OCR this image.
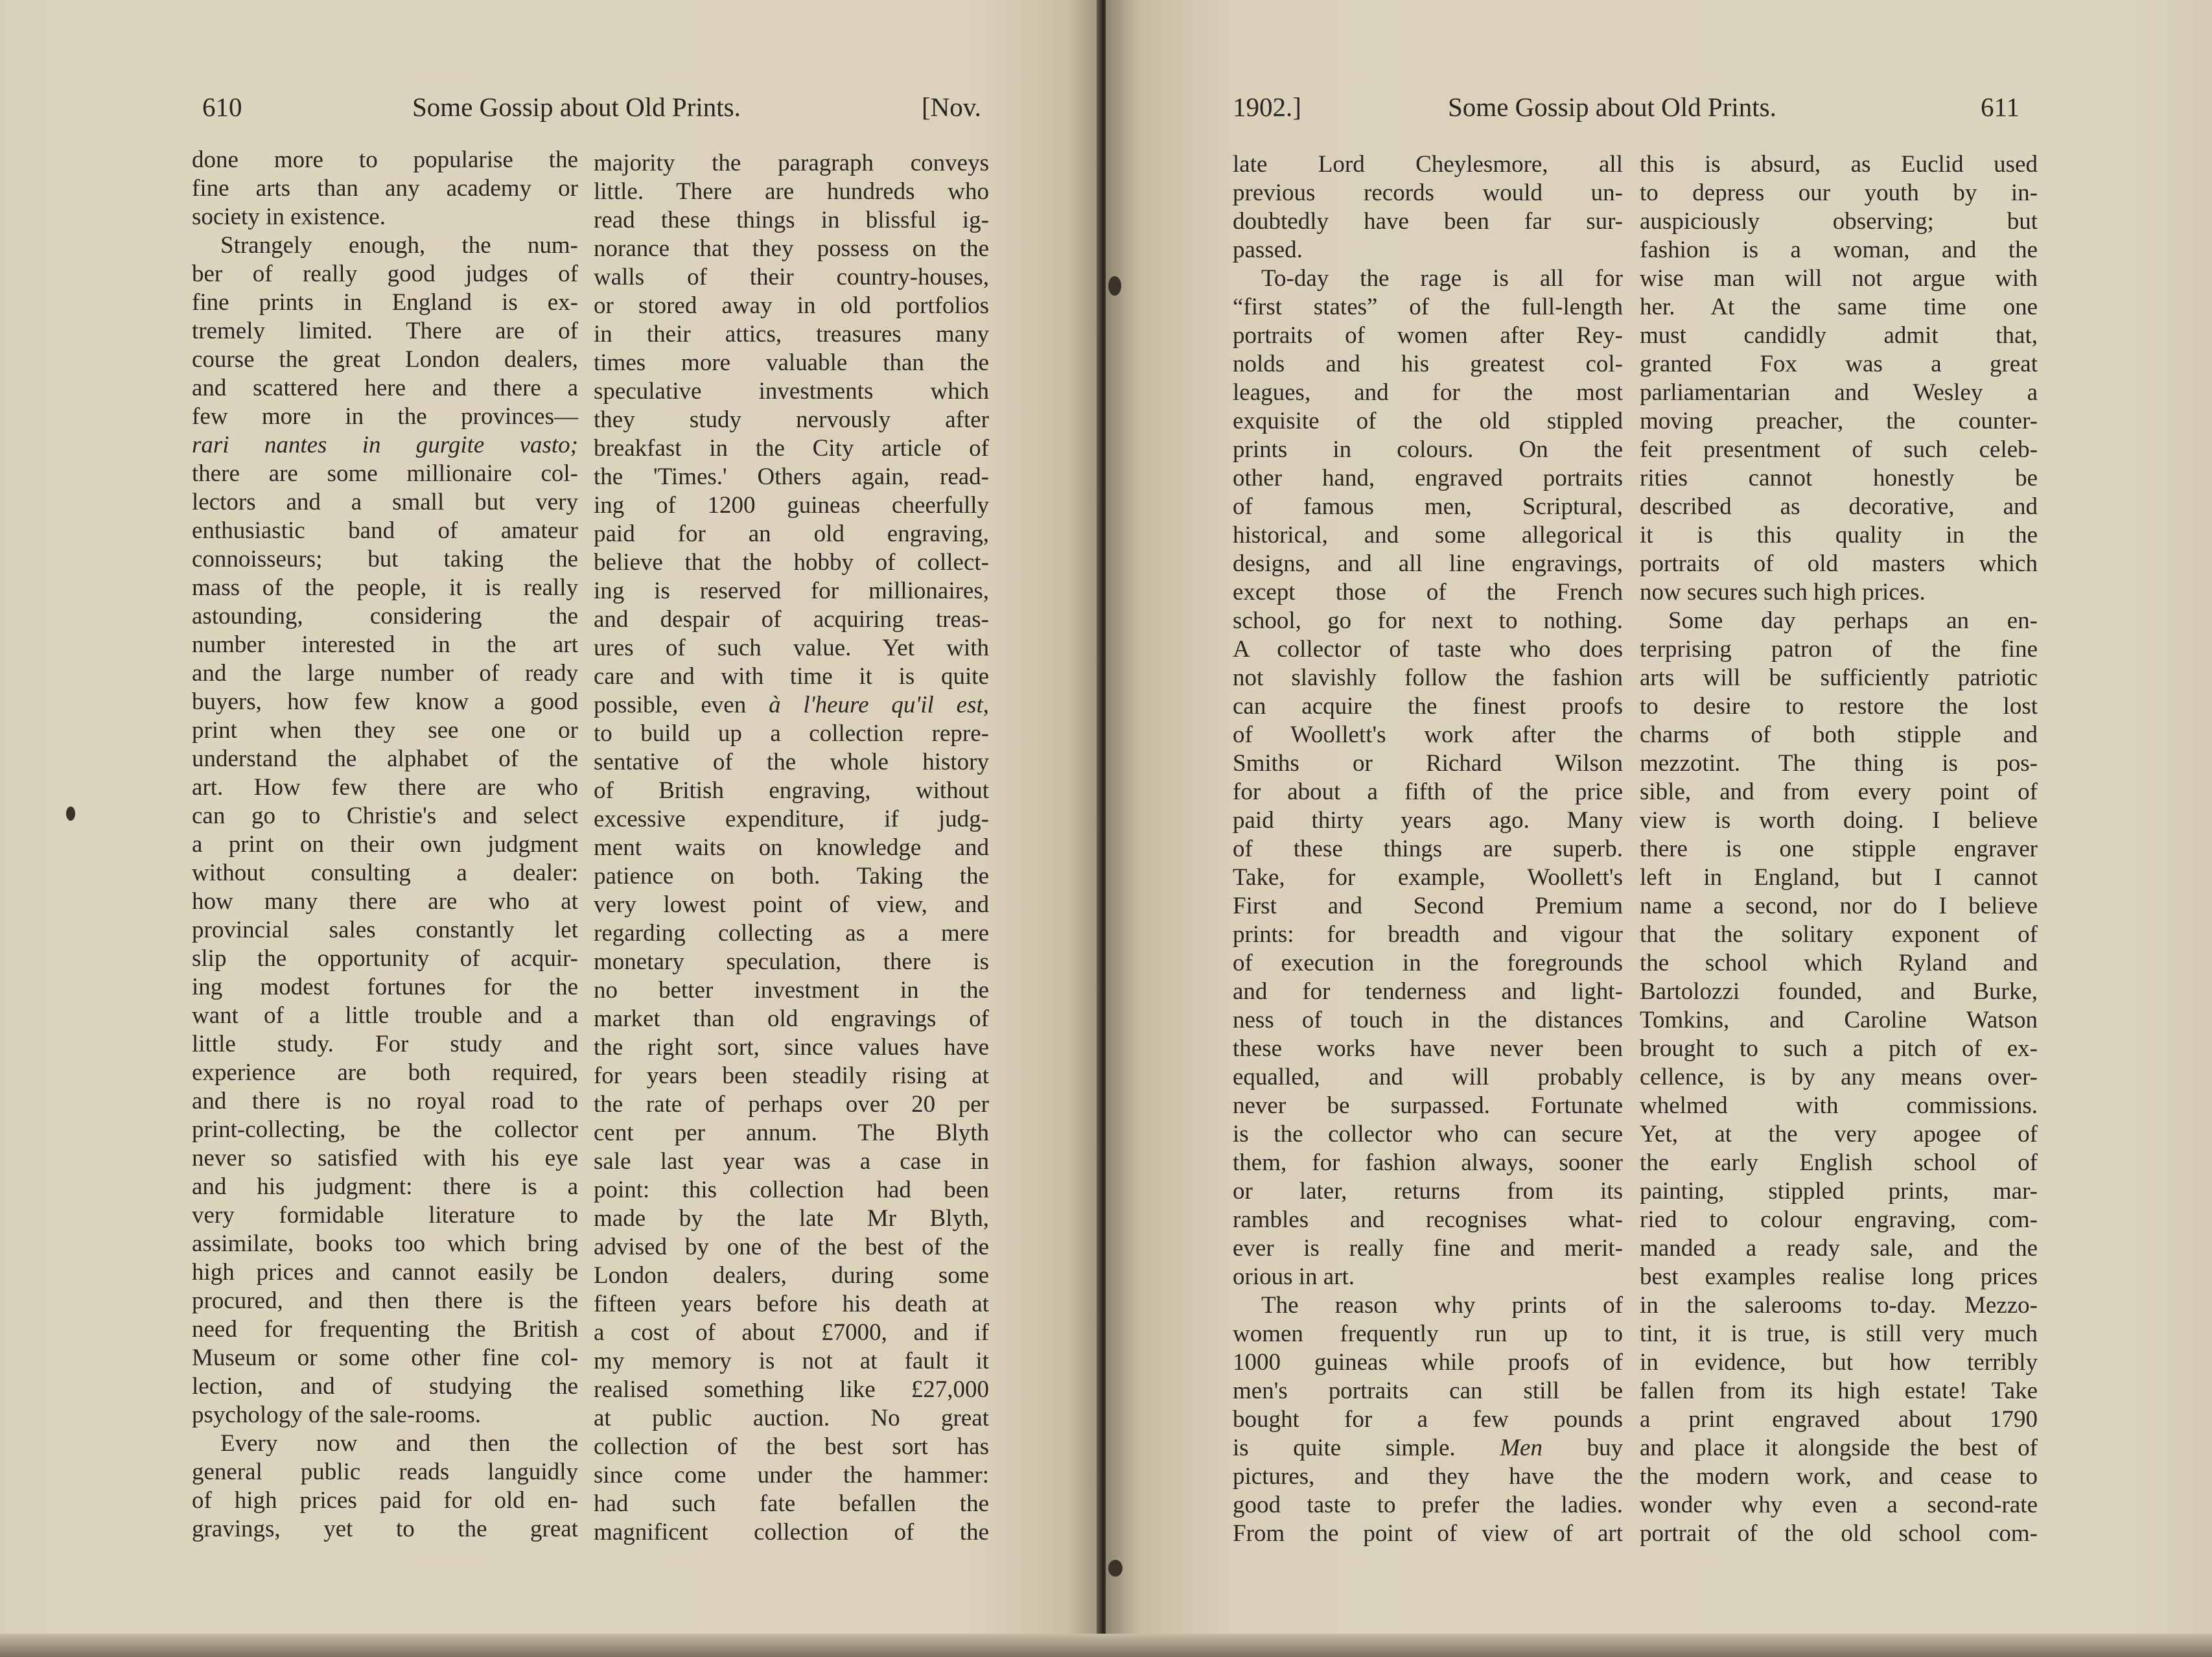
610	Some Gossip about Old Prints.	[Nov.
done more to popularise the
fine arts than any academy or
society in existence.
Strangely enough, the num-
ber of really good judges of
fine prints in England is ex-
tremely limited. There are of
course the great London dealers,
and scattered here and there a
few more in the provinces—
rari nantes in gurgite vasto;
there are some millionaire col-
lectors and a small but very
enthusiastic band of amateur
connoisseurs; but taking the
mass of the people, it is really
astounding, considering the
number interested in the art
and the large number of ready
buyers, how few know a good
print when they see one or
understand the alphabet of the
art. How few there are who
can go to Christie's and select
a print on their own judgment
without consulting a dealer:
how many there are who at
provincial sales constantly let
slip the opportunity of acquir-
ing modest fortunes for the
want of a little trouble and a
little study. For study and
experience are both required,
and there is no royal road to
print-collecting, be the collector
never so satisfied with his eye
and his judgment: there is a
very formidable literature to
assimilate, books too which bring
high prices and cannot easily be
procured, and then there is the
need for frequenting the British
Museum or some other fine col-
lection, and of studying the
psychology of the sale-rooms.
Every now and then the
general public reads languidly
of high prices paid for old en-
gravings, yet to the great
majority the paragraph conveys
little. There are hundreds who
read these things in blissful ig-
norance that they possess on the
walls of their country-houses,
or stored away in old portfolios
in their attics, treasures many
times more valuable than the
speculative investments which
they study nervously after
breakfast in the City article of
the 'Times.' Others again, read-
ing of 1200 guineas cheerfully
paid for an old engraving,
believe that the hobby of collect-
ing is reserved for millionaires,
and despair of acquiring treas-
ures of such value. Yet with
care and with time it is quite
possible, even à l'heure qu'il est,
to build up a collection repre-
sentative of the whole history
of British engraving, without
excessive expenditure, if judg-
ment waits on knowledge and
patience on both. Taking the
very lowest point of view, and
regarding collecting as a mere
monetary speculation, there is
no better investment in the
market than old engravings of
the right sort, since values have
for years been steadily rising at
the rate of perhaps over 20 per
cent per annum. The Blyth
sale last year was a case in
point: this collection had been
made by the late Mr Blyth,
advised by one of the best of the
London dealers, during some
fifteen years before his death at
a cost of about £7000, and if
my memory is not at fault it
realised something like £27,000
at public auction. No great
collection of the best sort has
since come under the hammer:
had such fate befallen the
magnificent collection of the
1902.]	Some Gossip about Old Prints.	611
late Lord Cheylesmore, all
previous records would un-
doubtedly have been far sur-
passed.
To-day the rage is all for
“first states” of the full-length
portraits of women after Rey-
nolds and his greatest col-
leagues, and for the most
exquisite of the old stippled
prints in colours. On the
other hand, engraved portraits
of famous men, Scriptural,
historical, and some allegorical
designs, and all line engravings,
except those of the French
school, go for next to nothing.
A collector of taste who does
not slavishly follow the fashion
can acquire the finest proofs
of Woollett's work after the
Smiths or Richard Wilson
for about a fifth of the price
paid thirty years ago. Many
of these things are superb.
Take, for example, Woollett's
First and Second Premium
prints: for breadth and vigour
of execution in the foregrounds
and for tenderness and light-
ness of touch in the distances
these works have never been
equalled, and will probably
never be surpassed. Fortunate
is the collector who can secure
them, for fashion always, sooner
or later, returns from its
rambles and recognises what-
ever is really fine and merit-
orious in art.
The reason why prints of
women frequently run up to
1000 guineas while proofs of
men's portraits can still be
bought for a few pounds
is quite simple. Men buy
pictures, and they have the
good taste to prefer the ladies.
From the point of view of art
this is absurd, as Euclid used
to depress our youth by in-
auspiciously observing; but
fashion is a woman, and the
wise man will not argue with
her. At the same time one
must candidly admit that,
granted Fox was a great
parliamentarian and Wesley a
moving preacher, the counter-
feit presentment of such celeb-
rities cannot honestly be
described as decorative, and
it is this quality in the
portraits of old masters which
now secures such high prices.
Some day perhaps an en-
terprising patron of the fine
arts will be sufficiently patriotic
to desire to restore the lost
charms of both stipple and
mezzotint. The thing is pos-
sible, and from every point of
view is worth doing. I believe
there is one stipple engraver
left in England, but I cannot
name a second, nor do I believe
that the solitary exponent of
the school which Ryland and
Bartolozzi founded, and Burke,
Tomkins, and Caroline Watson
brought to such a pitch of ex-
cellence, is by any means over-
whelmed with commissions.
Yet, at the very apogee of
the early English school of
painting, stippled prints, mar-
ried to colour engraving, com-
manded a ready sale, and the
best examples realise long prices
in the salerooms to-day. Mezzo-
tint, it is true, is still very much
in evidence, but how terribly
fallen from its high estate! Take
a print engraved about 1790
and place it alongside the best of
the modern work, and cease to
wonder why even a second-rate
portrait of the old school com-
